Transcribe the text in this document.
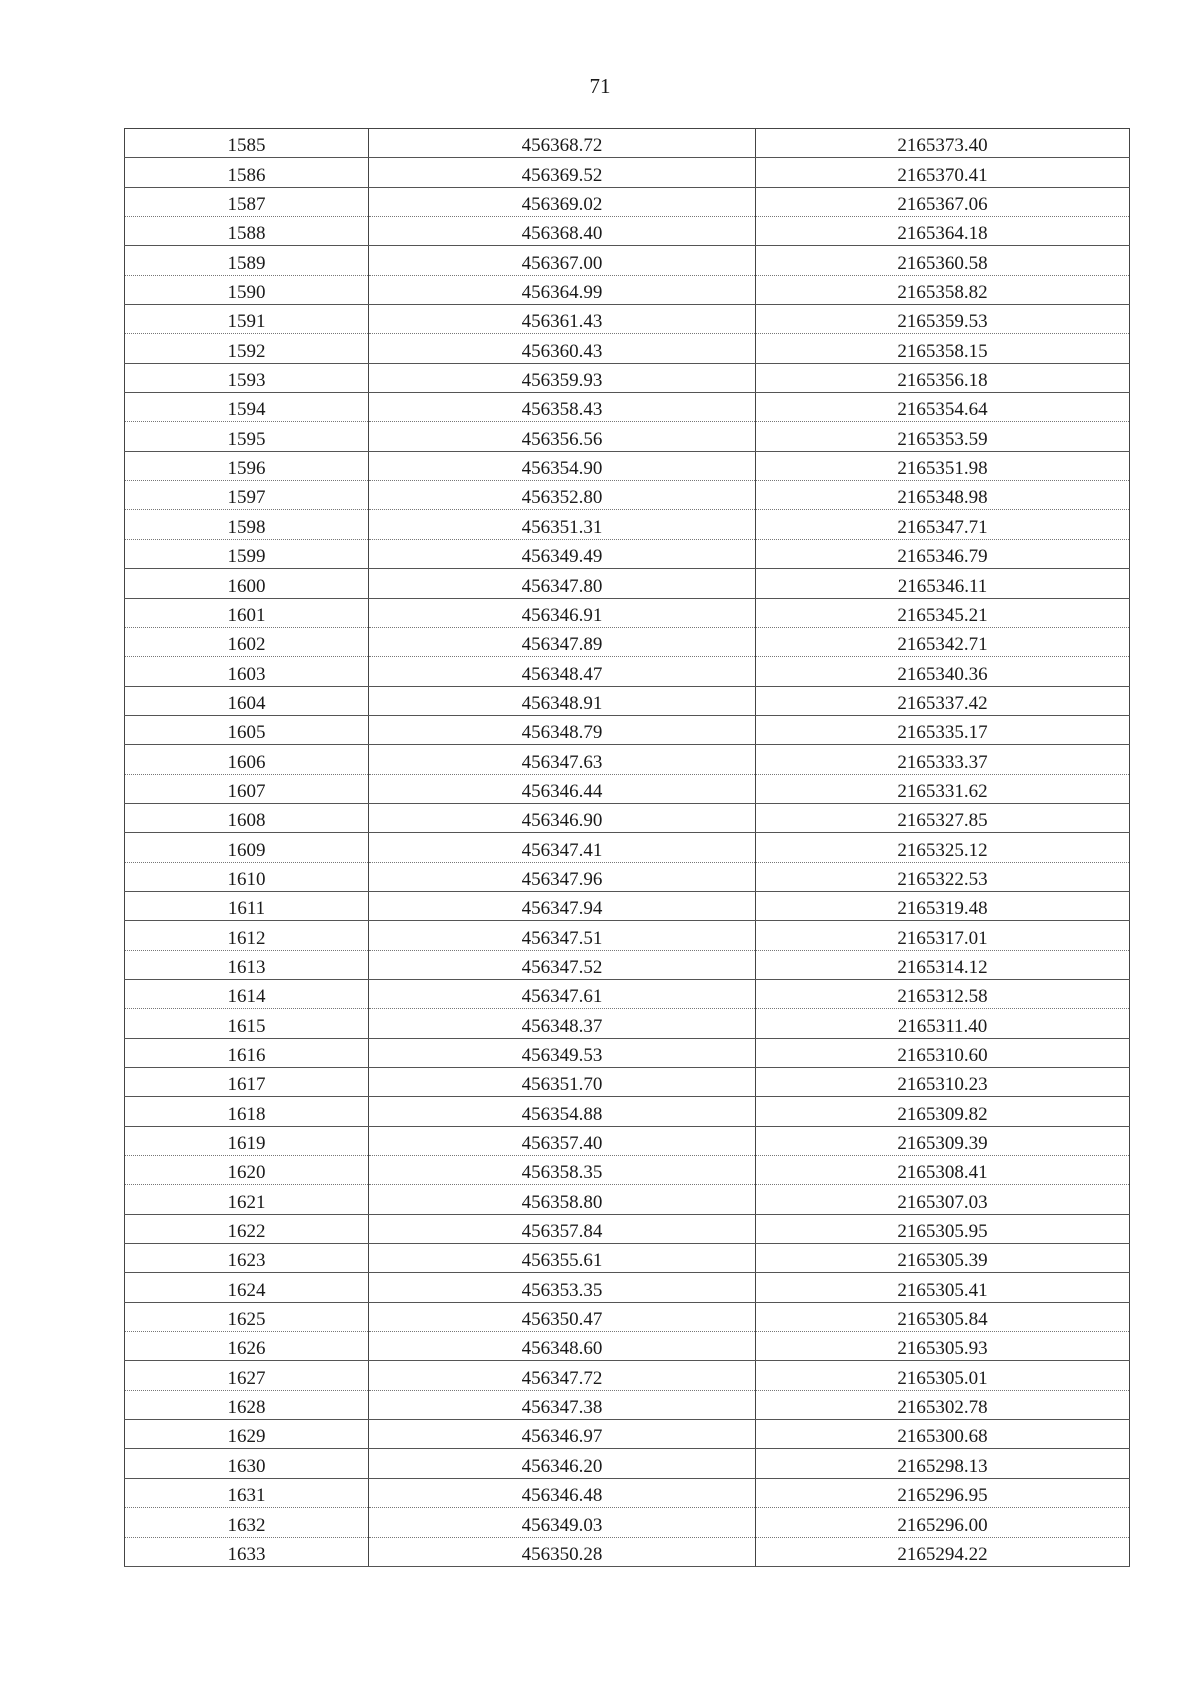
71
1585	456368.72	2165373.40
1586	456369.52	2165370.41
1587	456369.02	2165367.06
1588	456368.40	2165364.18
1589	456367.00	2165360.58
1590	456364.99	2165358.82
1591	456361.43	2165359.53
1592	456360.43	2165358.15
1593	456359.93	2165356.18
1594	456358.43	2165354.64
1595	456356.56	2165353.59
1596	456354.90	2165351.98
1597	456352.80	2165348.98
1598	456351.31	2165347.71
1599	456349.49	2165346.79
1600	456347.80	2165346.11
1601	456346.91	2165345.21
1602	456347.89	2165342.71
1603	456348.47	2165340.36
1604	456348.91	2165337.42
1605	456348.79	2165335.17
1606	456347.63	2165333.37
1607	456346.44	2165331.62
1608	456346.90	2165327.85
1609	456347.41	2165325.12
1610	456347.96	2165322.53
1611	456347.94	2165319.48
1612	456347.51	2165317.01
1613	456347.52	2165314.12
1614	456347.61	2165312.58
1615	456348.37	2165311.40
1616	456349.53	2165310.60
1617	456351.70	2165310.23
1618	456354.88	2165309.82
1619	456357.40	2165309.39
1620	456358.35	2165308.41
1621	456358.80	2165307.03
1622	456357.84	2165305.95
1623	456355.61	2165305.39
1624	456353.35	2165305.41
1625	456350.47	2165305.84
1626	456348.60	2165305.93
1627	456347.72	2165305.01
1628	456347.38	2165302.78
1629	456346.97	2165300.68
1630	456346.20	2165298.13
1631	456346.48	2165296.95
1632	456349.03	2165296.00
1633	456350.28	2165294.22
